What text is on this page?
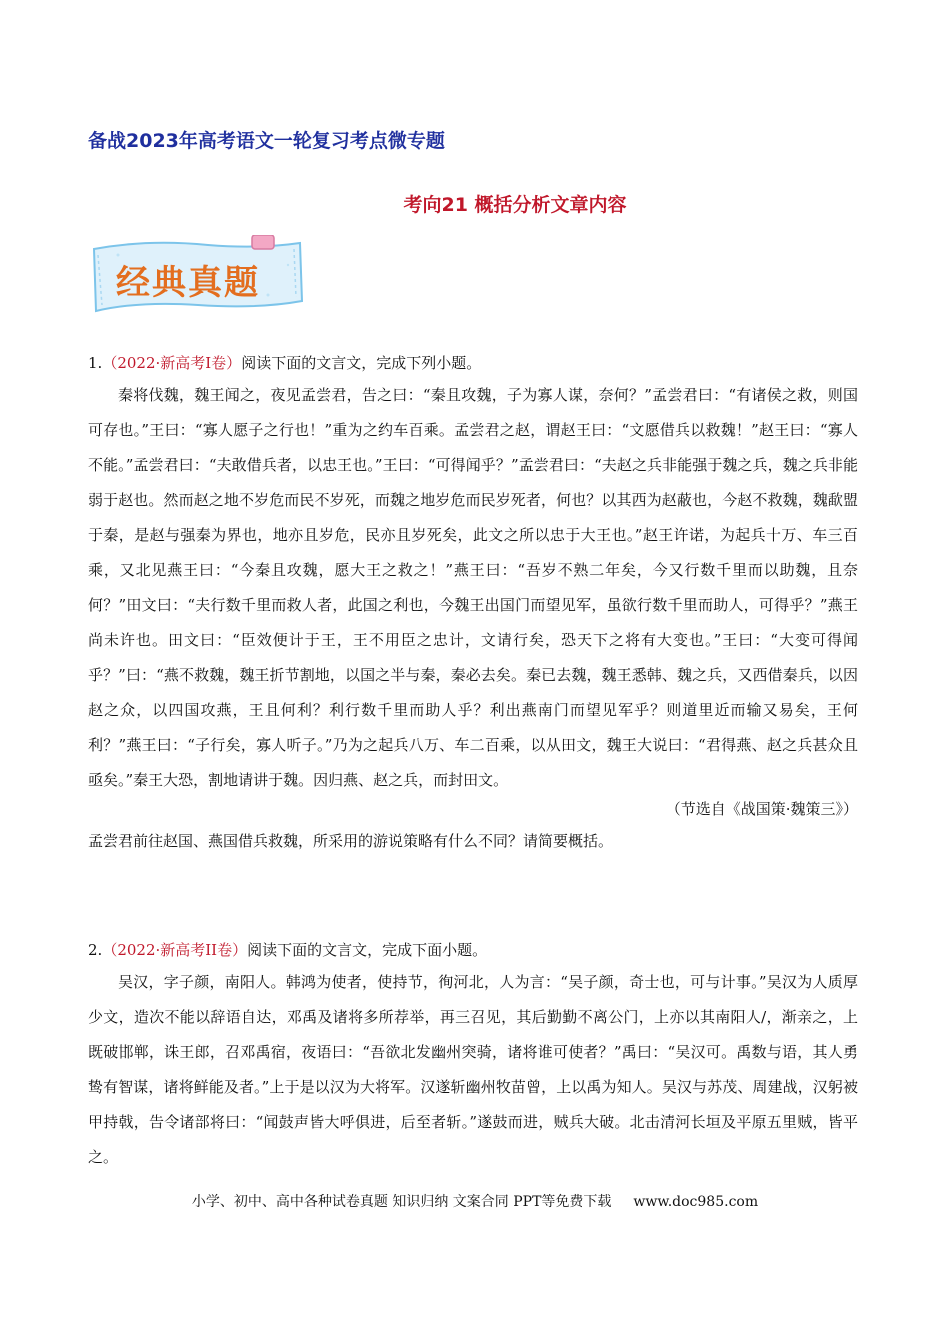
备战2023年高考语文一轮复习考点微专题
考向21 概括分析文章内容
经典真题
1.（2022·新高考I卷）阅读下面的文言文，完成下列小题。

秦将伐魏，魏王闻之，夜见孟尝君，告之曰：“秦且攻魏，子为寡人谋，奈何？”孟尝君曰：“有诸侯之救，则国可存也。”王曰：“寡人愿子之行也！”重为之约车百乘。孟尝君之赵，谓赵王曰：“文愿借兵以救魏！”赵王曰：“寡人不能。”孟尝君曰：“夫敢借兵者，以忠王也。”王曰：“可得闻乎？”孟尝君曰：“夫赵之兵非能强于魏之兵，魏之兵非能弱于赵也。然而赵之地不岁危而民不岁死，而魏之地岁危而民岁死者，何也？以其西为赵蔽也，今赵不救魏，魏歃盟于秦，是赵与强秦为界也，地亦且岁危，民亦且岁死矣，此文之所以忠于大王也。”赵王许诺，为起兵十万、车三百乘，又北见燕王曰：“今秦且攻魏，愿大王之救之！”燕王曰：“吾岁不熟二年矣，今又行数千里而以助魏，且奈何？”田文曰：“夫行数千里而救人者，此国之利也，今魏王出国门而望见军，虽欲行数千里而助人，可得乎？”燕王尚未许也。田文曰：“臣效便计于王，王不用臣之忠计，文请行矣，恐天下之将有大变也。”王曰：“大变可得闻乎？”曰：“燕不救魏，魏王折节割地，以国之半与秦，秦必去矣。秦已去魏，魏王悉韩、魏之兵，又西借秦兵，以因赵之众，以四国攻燕，王且何利？利行数千里而助人乎？利出燕南门而望见军乎？则道里近而输又易矣，王何利？”燕王曰：“子行矣，寡人听子。”乃为之起兵八万、车二百乘，以从田文，魏王大说曰：“君得燕、赵之兵甚众且亟矣。”秦王大恐，割地请讲于魏。因归燕、赵之兵，而封田文。

（节选自《战国策·魏策三》）
孟尝君前往赵国、燕国借兵救魏，所采用的游说策略有什么不同？请简要概括。
2.（2022·新高考II卷）阅读下面的文言文，完成下面小题。

吴汉，字子颜，南阳人。韩鸿为使者，使持节，徇河北，人为言：“吴子颜，奇士也，可与计事。”吴汉为人质厚少文，造次不能以辞语自达，邓禹及诸将多所荐举，再三召见，其后勤勤不离公门，上亦以其南阳人/，渐亲之，上既破邯郸，诛王郎，召邓禹宿，夜语曰：“吾欲北发幽州突骑，诸将谁可使者？”禹曰：“吴汉可。禹数与语，其人勇鸷有智谋，诸将鲜能及者。”上于是以汉为大将军。汉遂斩幽州牧苗曾，上以禹为知人。吴汉与苏茂、周建战，汉躬被甲持戟，告令诸部将曰：“闻鼓声皆大呼俱进，后至者斩。”遂鼓而进，贼兵大破。北击清河长垣及平原五里贼，皆平之。

小学、初中、高中各种试卷真题 知识归纳 文案合同 PPT等免费下载 www.doc985.com
